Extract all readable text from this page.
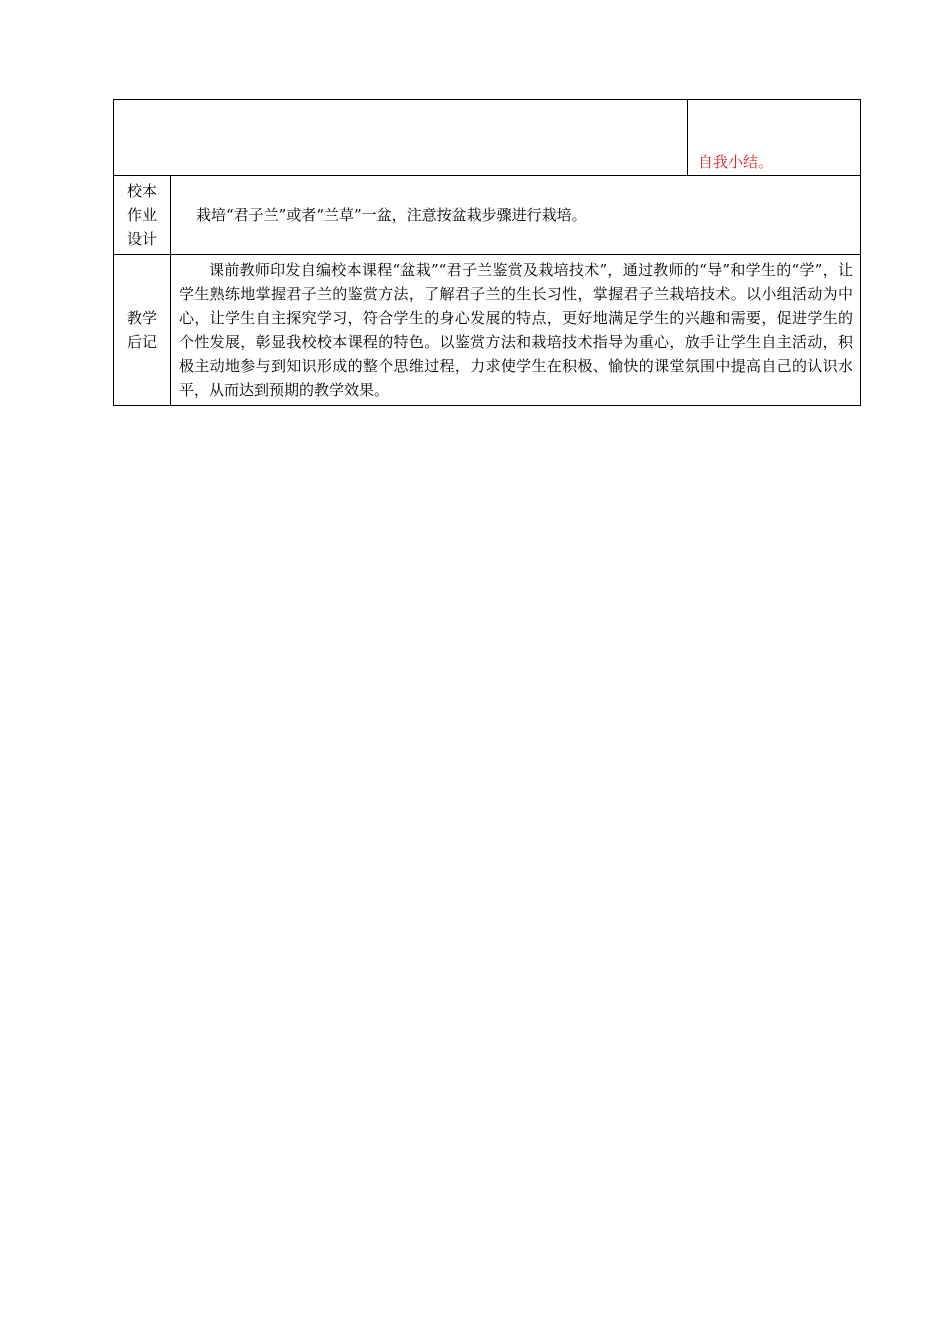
		自我小结。

校本
作业
设计	栽培“君子兰”或者“兰草”一盆，注意按盆栽步骤进行栽培。	

教学
后记	课前教师印发自编校本课程“盆栽”“君子兰鉴赏及栽培技术”，通过教师的“导”和学生的“学”，让学生熟练地掌握君子兰的鉴赏方法，了解君子兰的生长习性，掌握君子兰栽培技术。以小组活动为中心，让学生自主探究学习，符合学生的身心发展的特点，更好地满足学生的兴趣和需要，促进学生的个性发展，彰显我校校本课程的特色。以鉴赏方法和栽培技术指导为重心，放手让学生自主活动，积极主动地参与到知识形成的整个思维过程，力求使学生在积极、愉快的课堂氛围中提高自己的认识水平，从而达到预期的教学效果。	
